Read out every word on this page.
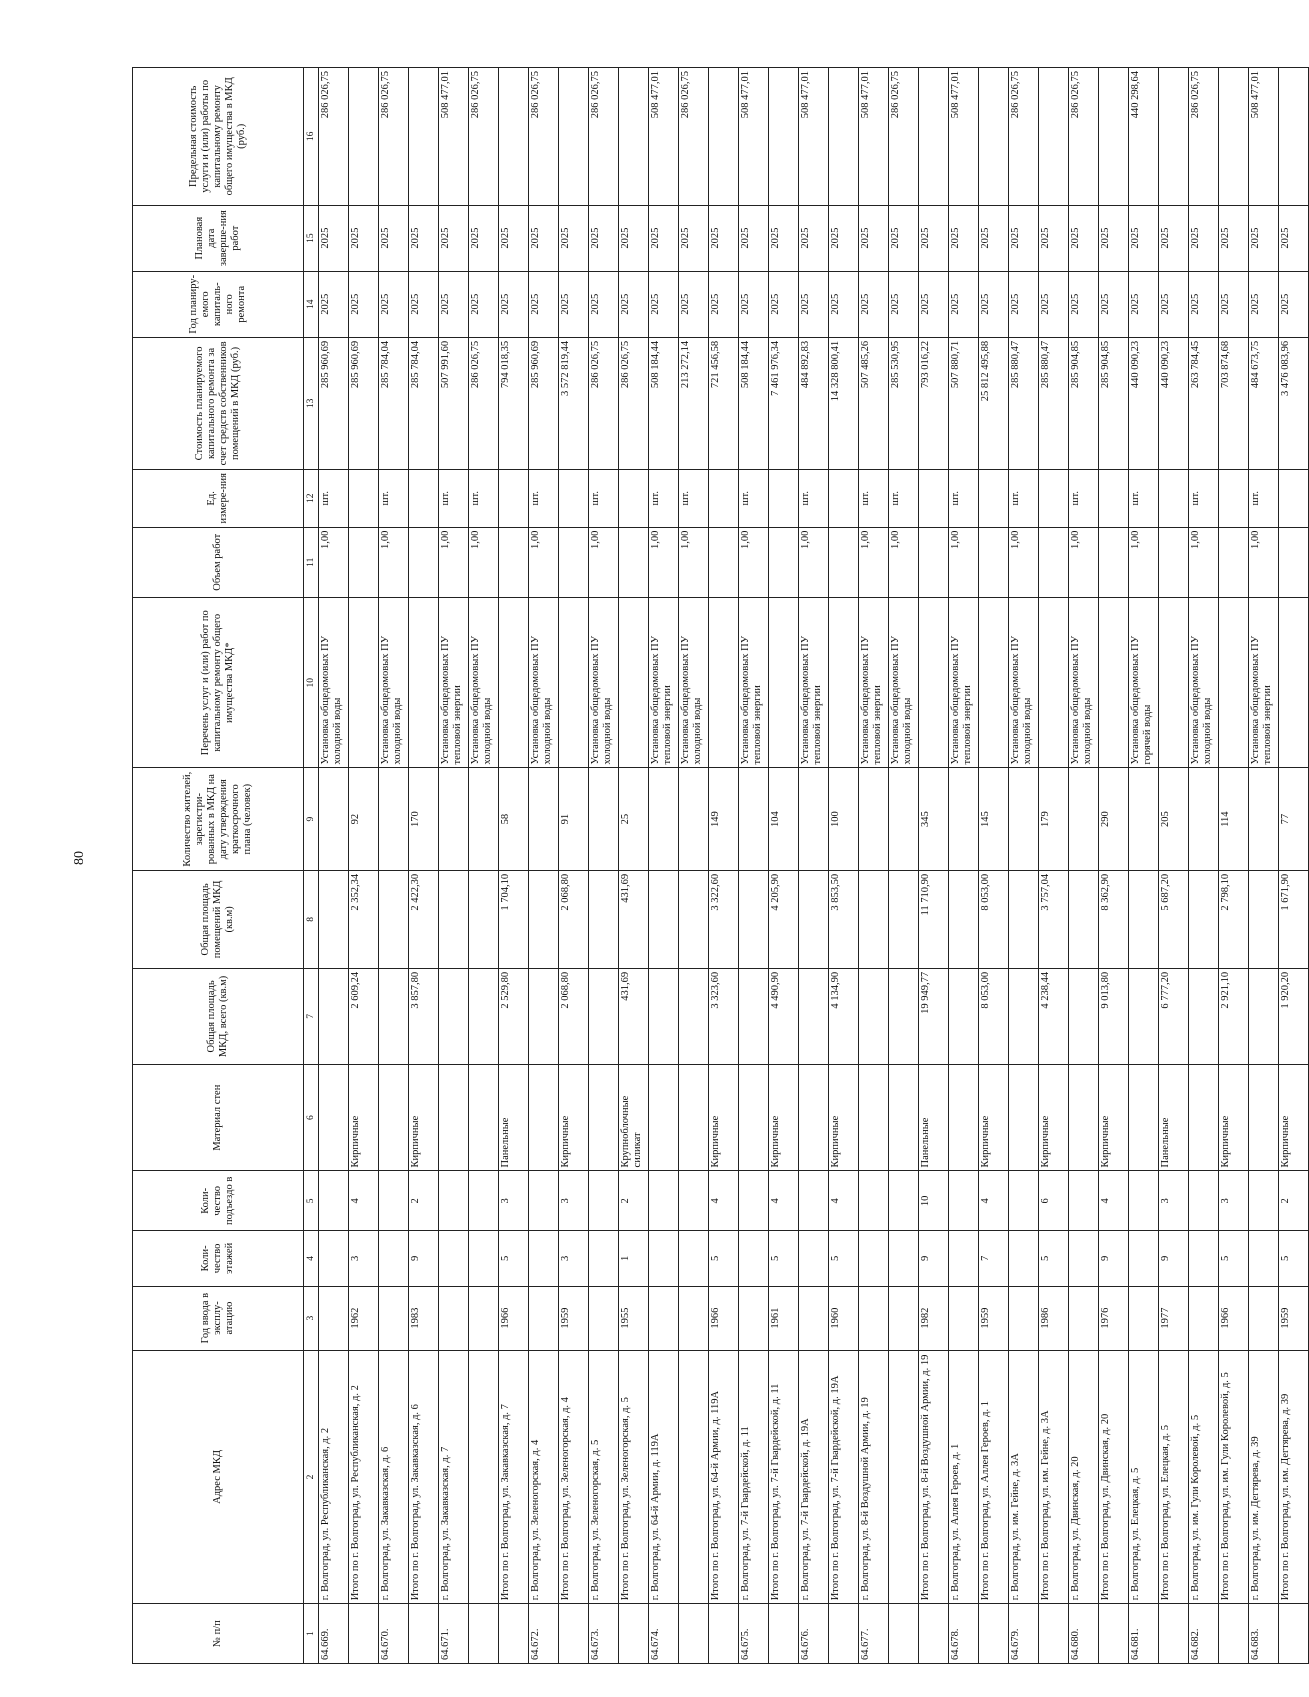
80
№ п/п	Адрес МКД	Год ввода в эксплу-атацию	Коли-чество этажей	Коли-чество подъездо в	Материал стен	Общая площадь МКД, всего (кв.м)	Общая площадь помещений МКД (кв.м)	Количество жителей, зарегистри-рованных в МКД на дату утверждения краткосрочного плана (человек)	Перечень услуг и (или) работ по капитальному ремонту общего имущества МКД*	Объем работ	Ед. измере-ния	Стоимость планируемого капитального ремонта за счет средств собственников помещений в МКД (руб.)	Год планиру-емого капиталь-ного ремонта	Плановая дата заверше-ния работ	Предельная стоимость услуги и (или) работы по капитальному ремонту общего имущества в МКД (руб.)
1	2	3	4	5	6	7	8	9	10	11	12	13	14	15	16
64.669.	г. Волгоград, ул. Республиканская, д. 2								Установка общедомовых ПУ холодной воды	1,00	шт.	285 960,69	2025	2025	286 026,75
	Итого по г. Волгоград, ул. Республиканская, д. 2	1962	3	4	Кирпичные	2 609,24	2 352,34	92				285 960,69	2025	2025	
64.670.	г. Волгоград, ул. Закавказская, д. 6								Установка общедомовых ПУ холодной воды	1,00	шт.	285 784,04	2025	2025	286 026,75
	Итого по г. Волгоград, ул. Закавказская, д. 6	1983	9	2	Кирпичные	3 857,80	2 422,30	170				285 784,04	2025	2025	
64.671.	г. Волгоград, ул. Закавказская, д. 7								Установка общедомовых ПУ тепловой энергии	1,00	шт.	507 991,60	2025	2025	508 477,01
									Установка общедомовых ПУ холодной воды	1,00	шт.	286 026,75	2025	2025	286 026,75
	Итого по г. Волгоград, ул. Закавказская, д. 7	1966	5	3	Панельные	2 529,80	1 704,10	58				794 018,35	2025	2025	
64.672.	г. Волгоград, ул. Зеленогорская, д. 4								Установка общедомовых ПУ холодной воды	1,00	шт.	285 960,69	2025	2025	286 026,75
	Итого по г. Волгоград, ул. Зеленогорская, д. 4	1959	3	3	Кирпичные	2 068,80	2 068,80	91				3 572 819,44	2025	2025	
64.673.	г. Волгоград, ул. Зеленогорская, д. 5								Установка общедомовых ПУ холодной воды	1,00	шт.	286 026,75	2025	2025	286 026,75
	Итого по г. Волгоград, ул. Зеленогорская, д. 5	1955	1	2	Крупноблочные силикат	431,69	431,69	25				286 026,75	2025	2025	
64.674.	г. Волгоград, ул. 64-й Армии, д. 119А								Установка общедомовых ПУ тепловой энергии	1,00	шт.	508 184,44	2025	2025	508 477,01
									Установка общедомовых ПУ холодной воды	1,00	шт.	213 272,14	2025	2025	286 026,75
	Итого по г. Волгоград, ул. 64-й Армии, д. 119А	1966	5	4	Кирпичные	3 323,60	3 322,60	149				721 456,58	2025	2025	
64.675.	г. Волгоград, ул. 7-й Гвардейской, д. 11								Установка общедомовых ПУ тепловой энергии	1,00	шт.	508 184,44	2025	2025	508 477,01
	Итого по г. Волгоград, ул. 7-й Гвардейской, д. 11	1961	5	4	Кирпичные	4 490,90	4 205,90	104				7 461 976,34	2025	2025	
64.676.	г. Волгоград, ул. 7-й Гвардейской, д. 19А								Установка общедомовых ПУ тепловой энергии	1,00	шт.	484 892,83	2025	2025	508 477,01
	Итого по г. Волгоград, ул. 7-й Гвардейской, д. 19А	1960	5	4	Кирпичные	4 134,90	3 853,50	100				14 328 800,41	2025	2025	
64.677.	г. Волгоград, ул. 8-й Воздушной Армии, д. 19								Установка общедомовых ПУ тепловой энергии	1,00	шт.	507 485,26	2025	2025	508 477,01
									Установка общедомовых ПУ холодной воды	1,00	шт.	285 530,95	2025	2025	286 026,75
	Итого по г. Волгоград, ул. 8-й Воздушной Армии, д. 19	1982	9	10	Панельные	19 949,77	11 710,90	345				793 016,22	2025	2025	
64.678.	г. Волгоград, ул. Аллея Героев, д. 1								Установка общедомовых ПУ тепловой энергии	1,00	шт.	507 880,71	2025	2025	508 477,01
	Итого по г. Волгоград, ул. Аллея Героев, д. 1	1959	7	4	Кирпичные	8 053,00	8 053,00	145				25 812 495,88	2025	2025	
64.679.	г. Волгоград, ул. им. Гейне, д. 3А								Установка общедомовых ПУ холодной воды	1,00	шт.	285 880,47	2025	2025	286 026,75
	Итого по г. Волгоград, ул. им. Гейне, д. 3А	1986	5	6	Кирпичные	4 238,44	3 757,04	179				285 880,47	2025	2025	
64.680.	г. Волгоград, ул. Двинская, д. 20								Установка общедомовых ПУ холодной воды	1,00	шт.	285 904,85	2025	2025	286 026,75
	Итого по г. Волгоград, ул. Двинская, д. 20	1976	9	4	Кирпичные	9 013,80	8 362,90	290				285 904,85	2025	2025	
64.681.	г. Волгоград, ул. Елецкая, д. 5								Установка общедомовых ПУ горячей воды	1,00	шт.	440 090,23	2025	2025	440 298,64
	Итого по г. Волгоград, ул. Елецкая, д. 5	1977	9	3	Панельные	6 777,20	5 687,20	205				440 090,23	2025	2025	
64.682.	г. Волгоград, ул. им. Гули Королевой, д. 5								Установка общедомовых ПУ холодной воды	1,00	шт.	263 784,45	2025	2025	286 026,75
	Итого по г. Волгоград, ул. им. Гули Королевой, д. 5	1966	5	3	Кирпичные	2 921,10	2 798,10	114				703 874,68	2025	2025	
64.683.	г. Волгоград, ул. им. Дегтярева, д. 39								Установка общедомовых ПУ тепловой энергии	1,00	шт.	484 673,75	2025	2025	508 477,01
	Итого по г. Волгоград, ул. им. Дегтярева, д. 39	1959	5	2	Кирпичные	1 920,20	1 671,90	77				3 476 083,96	2025	2025	
